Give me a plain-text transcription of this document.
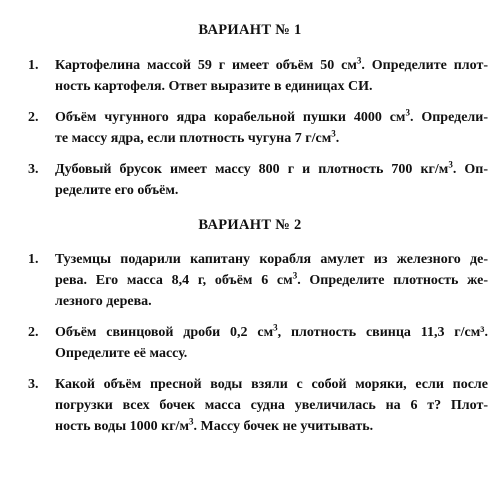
ВАРИАНТ № 1
1. Картофелина массой 59 г имеет объём 50 $см^3$. Определите плот-
ность картофеля. Ответ выразите в единицах СИ.
2. Объём чугунного ядра корабельной пушки 4000 $см^3$. Определи-
те массу ядра, если плотность чугуна 7 $г/см^3$.
3. Дубовый брусок имеет массу 800 г и плотность 700 $кг/м^3$. Оп-
ределите его объём.
ВАРИАНТ № 2
1. Туземцы подарили капитану корабля амулет из железного де-
рева. Его масса 8,4 г, объём 6 $см^3$. Определите плотность же-
лезного дерева.
2. Объём свинцовой дроби 0,2 $см^3$, плотность свинца 11,3 г/см³.
Определите её массу.
3. Какой объём пресной воды взяли с собой моряки, если после
погрузки всех бочек масса судна увеличилась на 6 т? Плот-
ность воды 1000 $кг/м^3$. Массу бочек не учитывать.
